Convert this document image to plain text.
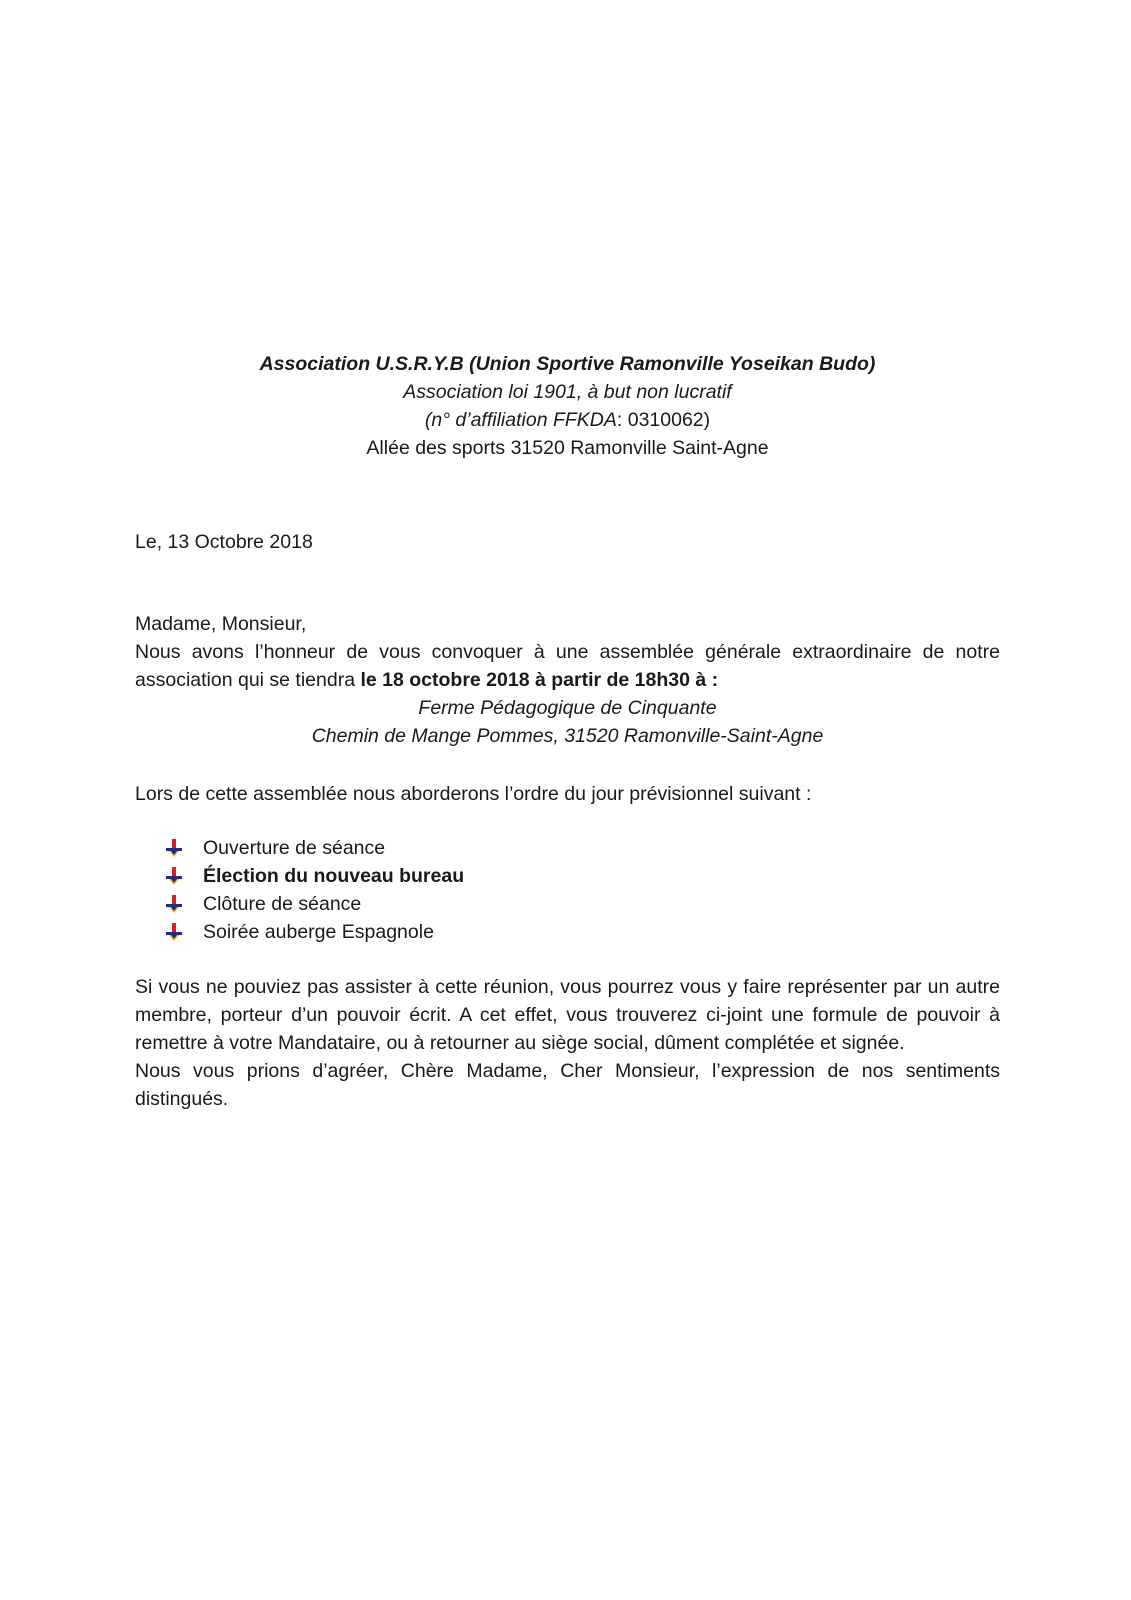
Association U.S.R.Y.B (Union Sportive Ramonville Yoseikan Budo)
Association loi 1901, à but non lucratif
(n° d’affiliation FFKDA: 0310062)
Allée des sports 31520 Ramonville Saint-Agne
Le, 13 Octobre 2018
Madame, Monsieur,
Nous avons l’honneur de vous convoquer à une assemblée générale extraordinaire de notre association qui se tiendra le 18 octobre 2018 à partir de 18h30 à :
Ferme Pédagogique de Cinquante
Chemin de Mange Pommes, 31520 Ramonville-Saint-Agne
Lors de cette assemblée nous aborderons l’ordre du jour prévisionnel suivant :
Ouverture de séance
Élection du nouveau bureau
Clôture de séance
Soirée auberge Espagnole
Si vous ne pouviez pas assister à cette réunion, vous pourrez vous y faire représenter par un autre membre, porteur d’un pouvoir écrit. A cet effet, vous trouverez ci-joint une formule de pouvoir à remettre à votre Mandataire, ou à retourner au siège social, dûment complétée et signée.
Nous vous prions d’agréer, Chère Madame, Cher Monsieur, l’expression de nos sentiments distingués.
